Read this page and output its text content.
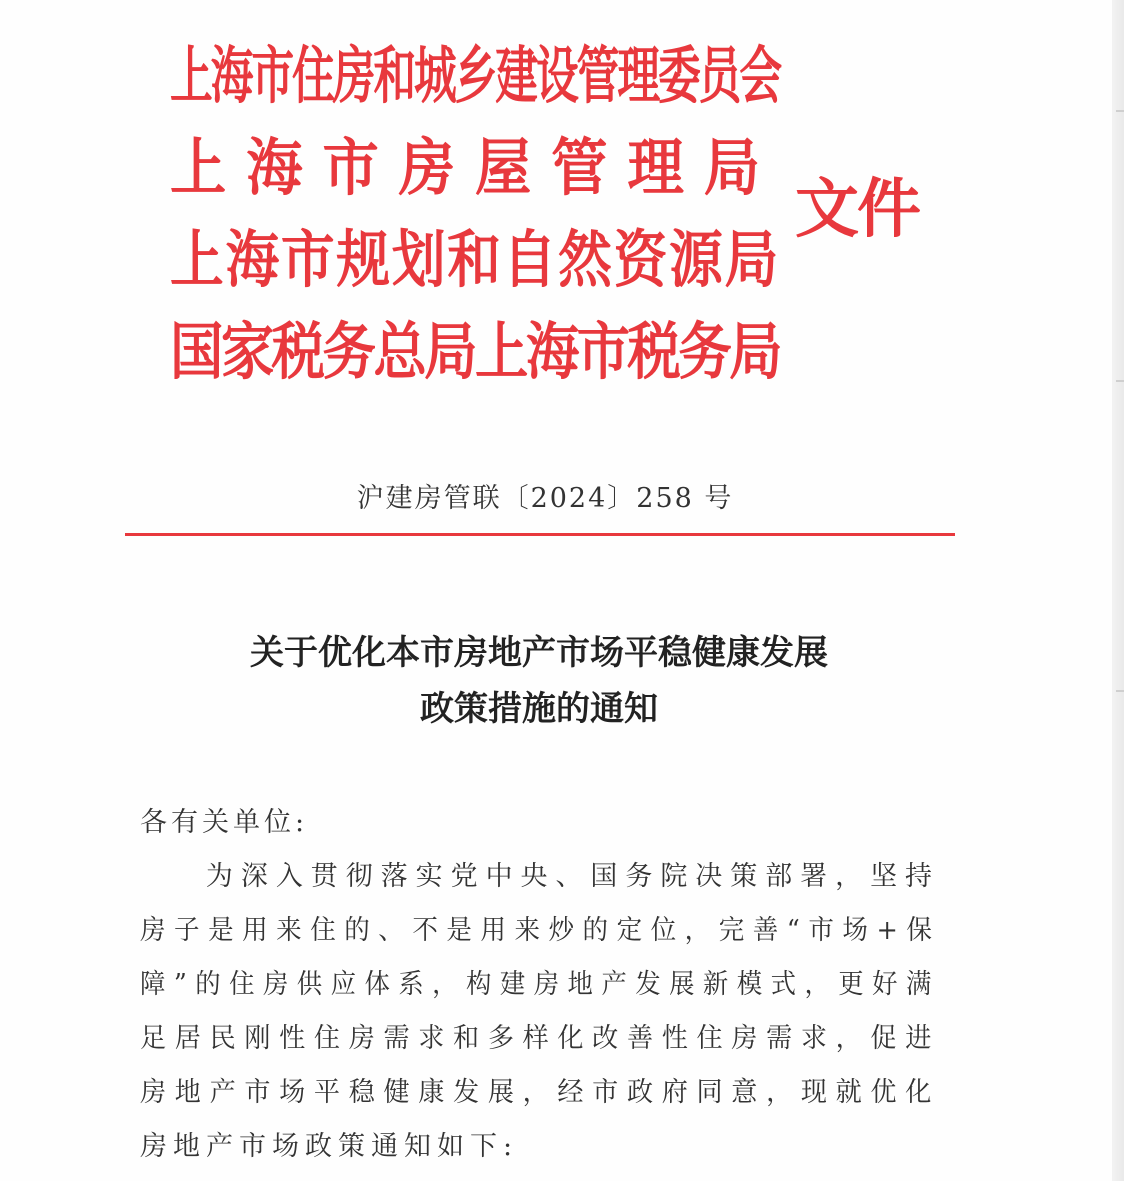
上海市住房和城乡建设管理委员会
上海市房屋管理局
上海市规划和自然资源局
国家税务总局上海市税务局
文件
沪建房管联〔2024〕258 号
关于优化本市房地产市场平稳健康发展
政策措施的通知
各有关单位:
为深入贯彻落实党中央、国务院决策部署，坚持
房子是用来住的、不是用来炒的定位，完善“市场+保
障”的住房供应体系，构建房地产发展新模式，更好满
足居民刚性住房需求和多样化改善性住房需求，促进
房地产市场平稳健康发展，经市政府同意，现就优化
房地产市场政策通知如下:
